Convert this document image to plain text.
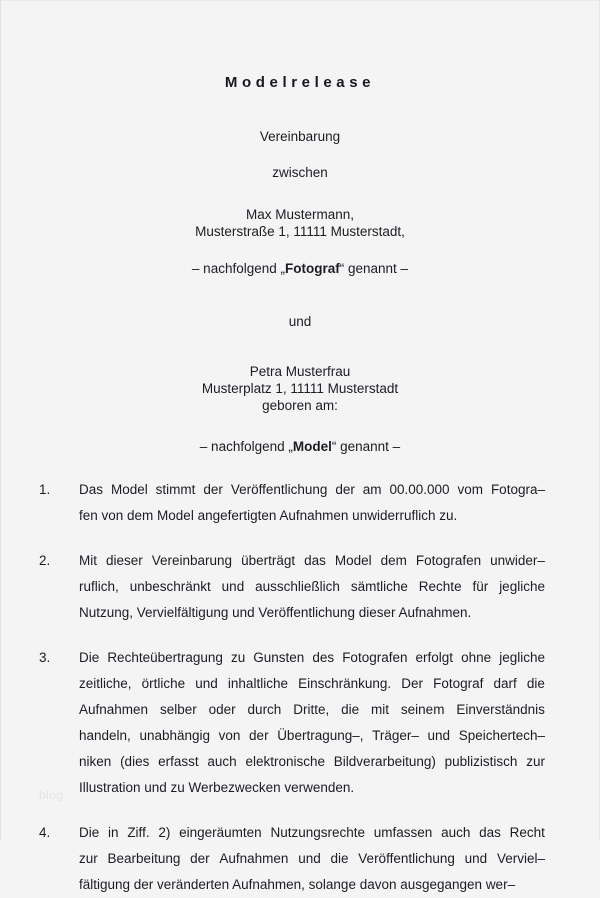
Modelrelease
Vereinbarung
zwischen
Max Mustermann,
Musterstraße 1, 11111 Musterstadt,
– nachfolgend „Fotograf“ genannt –
und
Petra Musterfrau
Musterplatz 1, 11111 Musterstadt
geboren am:
– nachfolgend „Model“ genannt –
1.	Das Model stimmt der Veröffentlichung der am 00.00.000 vom Fotogra–
fen von dem Model angefertigten Aufnahmen unwiderruflich zu.
2.	Mit dieser Vereinbarung überträgt das Model dem Fotografen unwider–
ruflich, unbeschränkt und ausschließlich sämtliche Rechte für jegliche
Nutzung, Vervielfältigung und Veröffentlichung dieser Aufnahmen.
3.	Die Rechteübertragung zu Gunsten des Fotografen erfolgt ohne jegliche
zeitliche, örtliche und inhaltliche Einschränkung. Der Fotograf darf die
Aufnahmen selber oder durch Dritte, die mit seinem Einverständnis
handeln, unabhängig von der Übertragung–, Träger– und Speichertech–
niken (dies erfasst auch elektronische Bildverarbeitung) publizistisch zur
Illustration und zu Werbezwecken verwenden.
4.	Die in Ziff. 2) eingeräumten Nutzungsrechte umfassen auch das Recht
zur Bearbeitung der Aufnahmen und die Veröffentlichung und Verviel–
fältigung der veränderten Aufnahmen, solange davon ausgegangen wer–
blog
